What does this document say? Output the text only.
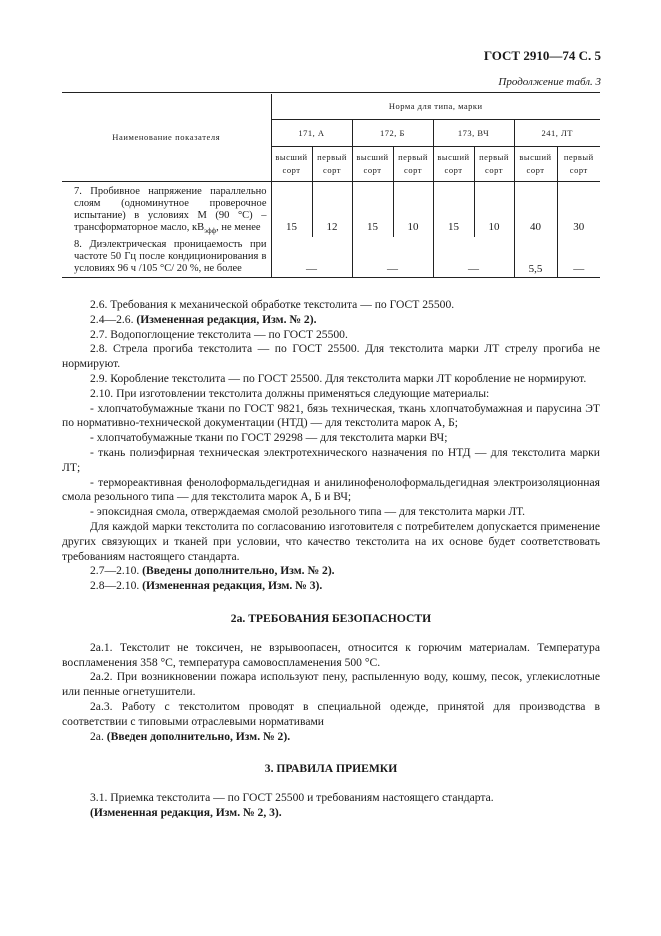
ГОСТ 2910—74 С. 5
Продолжение табл. 3

Наименование показателя	Норма для типа, марки							
	171, А		172, Б		173, ВЧ		241, ЛТ	
	высший сорт	первый сорт	высший сорт	первый сорт	высший сорт	первый сорт	высший сорт	первый сорт
7. Пробивное напряжение параллельно слоям (одноминутное проверочное испытание) в условиях М (90 °С) – трансформаторное масло, $кВ_{эфф}$, не менее	15	12	15	10	15	10	40	30
8. Диэлектрическая проницаемость при частоте 50 Гц после кондиционирования в условиях 96 ч /105 °С/ 20 %, не более	—		—		—		5,5	—

2.6. Требования к механической обработке текстолита — по ГОСТ 25500.

2.4—2.6. (Измененная редакция, Изм. № 2).

2.7. Водопоглощение текстолита — по ГОСТ 25500.

2.8. Стрела прогиба текстолита — по ГОСТ 25500. Для текстолита марки ЛТ стрелу прогиба не нормируют.

2.9. Коробление текстолита — по ГОСТ 25500. Для текстолита марки ЛТ коробление не нормируют.

2.10. При изготовлении текстолита должны применяться следующие материалы:

- хлопчатобумажные ткани по ГОСТ 9821, бязь техническая, ткань хлопчатобумажная и парусина ЭТ по нормативно-технической документации (НТД) — для текстолита марок А, Б;

- хлопчатобумажные ткани по ГОСТ 29298 — для текстолита марки ВЧ;

- ткань полиэфирная техническая электротехнического назначения по НТД — для текстолита марки ЛТ;

- термореактивная фенолоформальдегидная и анилинофенолоформальдегидная электроизоляционная смола резольного типа — для текстолита марок А, Б и ВЧ;

- эпоксидная смола, отверждаемая смолой резольного типа — для текстолита марки ЛТ.

Для каждой марки текстолита по согласованию изготовителя с потребителем допускается применение других связующих и тканей при условии, что качество текстолита на их основе будет соответствовать требованиям настоящего стандарта.

2.7—2.10. (Введены дополнительно, Изм. № 2).

2.8—2.10. (Измененная редакция, Изм. № 3).

2а. ТРЕБОВАНИЯ БЕЗОПАСНОСТИ

2а.1. Текстолит не токсичен, не взрывоопасен, относится к горючим материалам. Температура воспламенения 358 °С, температура самовоспламенения 500 °С.

2а.2. При возникновении пожара используют пену, распыленную воду, кошму, песок, углекислотные или пенные огнетушители.

2а.3. Работу с текстолитом проводят в специальной одежде, принятой для производства в соответствии с типовыми отраслевыми нормативами

2а. (Введен дополнительно, Изм. № 2).

3. ПРАВИЛА ПРИЕМКИ

3.1. Приемка текстолита — по ГОСТ 25500 и требованиям настоящего стандарта.

(Измененная редакция, Изм. № 2, 3).
